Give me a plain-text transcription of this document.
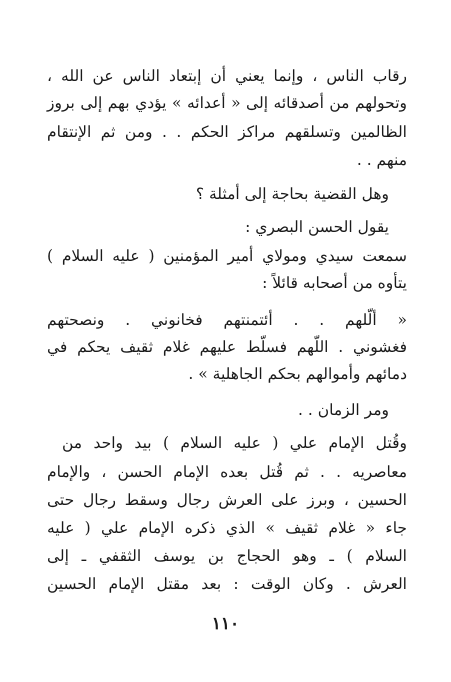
رقاب الناس ، وإنما يعني أن إبتعاد الناس عن الله ،
وتحولهم من أصدقائه إلى « أعدائه » يؤدي بهم إلى بروز
الظالمين وتسلقهم مراكز الحكم . . ومن ثم الإنتقام
منهم . .
وهل القضية بحاجة إلى أمثلة ؟
يقول الحسن البصري :
سمعت سيدي ومولاي أمير المؤمنين ( عليه السلام )
يتأوه من أصحابه قائلاً :
« ألّلهم . . أئتمنتهم فخانوني . ونصحتهم
فغشوني . اللّهم فسلّط عليهم غلام ثقيف يحكم في
دمائهم وأموالهم بحكم الجاهلية » .
ومر الزمان . .
وقُتل الإمام علي ( عليه السلام ) بيد واحد من
معاصريه . . ثم قُتل بعده الإمام الحسن ، والإمام
الحسين ، وبرز على العرش رجال وسقط رجال حتى
جاء « غلام ثقيف » الذي ذكره الإمام علي ( عليه
السلام ) ـ وهو الحجاج بن يوسف الثقفي ـ إلى
العرش . وكان الوقت : بعد مقتل الإمام الحسين
١١٠
